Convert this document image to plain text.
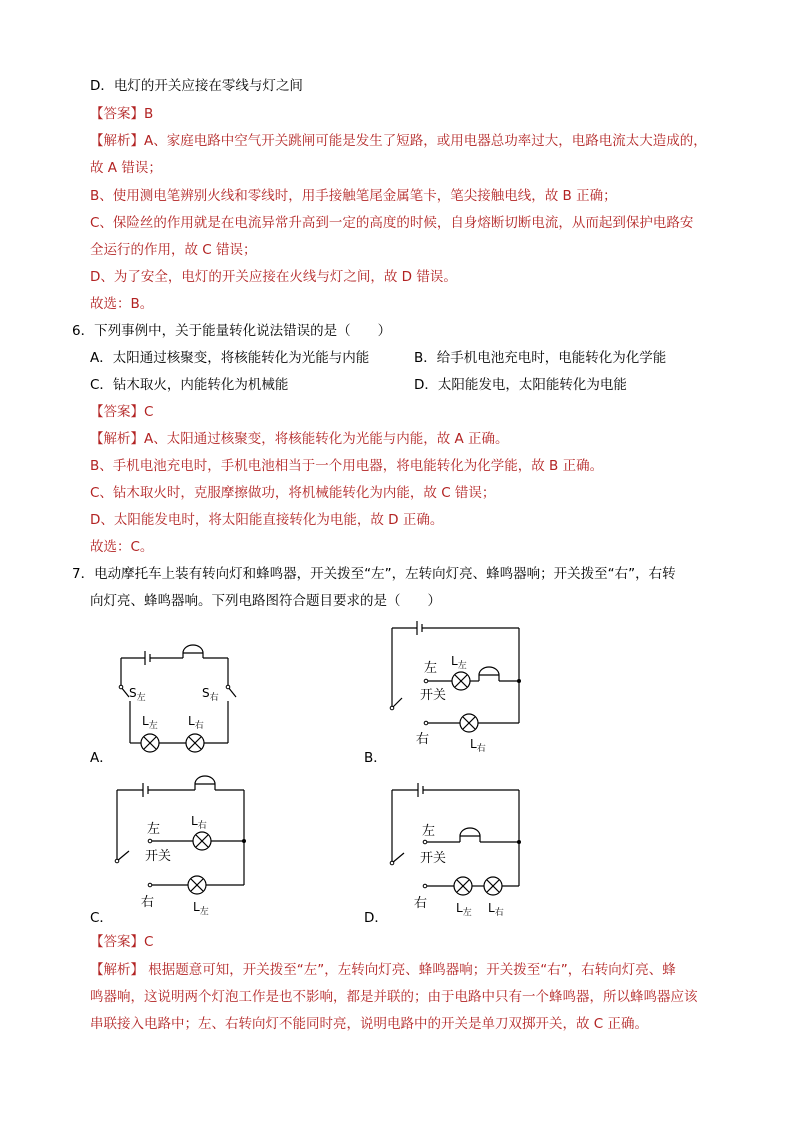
D．电灯的开关应接在零线与灯之间
【答案】B
【解析】A、家庭电路中空气开关跳闸可能是发生了短路，或用电器总功率过大，电路电流太大造成的，
故 A 错误；
B、使用测电笔辨别火线和零线时，用手接触笔尾金属笔卡，笔尖接触电线，故 B 正确；
C、保险丝的作用就是在电流异常升高到一定的高度的时候，自身熔断切断电流，从而起到保护电路安
全运行的作用，故 C 错误；
D、为了安全，电灯的开关应接在火线与灯之间，故 D 错误。
故选：B。
6．下列事例中，关于能量转化说法错误的是（　　）
A．太阳通过核聚变，将核能转化为光能与内能	B．给手机电池充电时，电能转化为化学能
C．钻木取火，内能转化为机械能	D．太阳能发电，太阳能转化为电能
【答案】C
【解析】A、太阳通过核聚变，将核能转化为光能与内能，故 A 正确。
B、手机电池充电时，手机电池相当于一个用电器，将电能转化为化学能，故 B 正确。
C、钻木取火时，克服摩擦做功，将机械能转化为内能，故 C 错误；
D、太阳能发电时，将太阳能直接转化为电能，故 D 正确。
故选：C。
7．电动摩托车上装有转向灯和蜂鸣器，开关拨至“左”，左转向灯亮、蜂鸣器响；开关拨至“右”，右转
向灯亮、蜂鸣器响。下列电路图符合题目要求的是（　　）
$S_左$	$S_右$
$L_左$	$L_右$
A．
左
开关
右
$L_左$
$L_右$
B．
左
开关
右
$L_右$
$L_左$
C．
左
开关
右 $L_左$ $L_右$
D．
【答案】C
【解析】 根据题意可知，开关拨至“左”，左转向灯亮、蜂鸣器响；开关拨至“右”，右转向灯亮、蜂
鸣器响，这说明两个灯泡工作是也不影响，都是并联的；由于电路中只有一个蜂鸣器，所以蜂鸣器应该
串联接入电路中；左、右转向灯不能同时亮，说明电路中的开关是单刀双掷开关，故 C 正确。
